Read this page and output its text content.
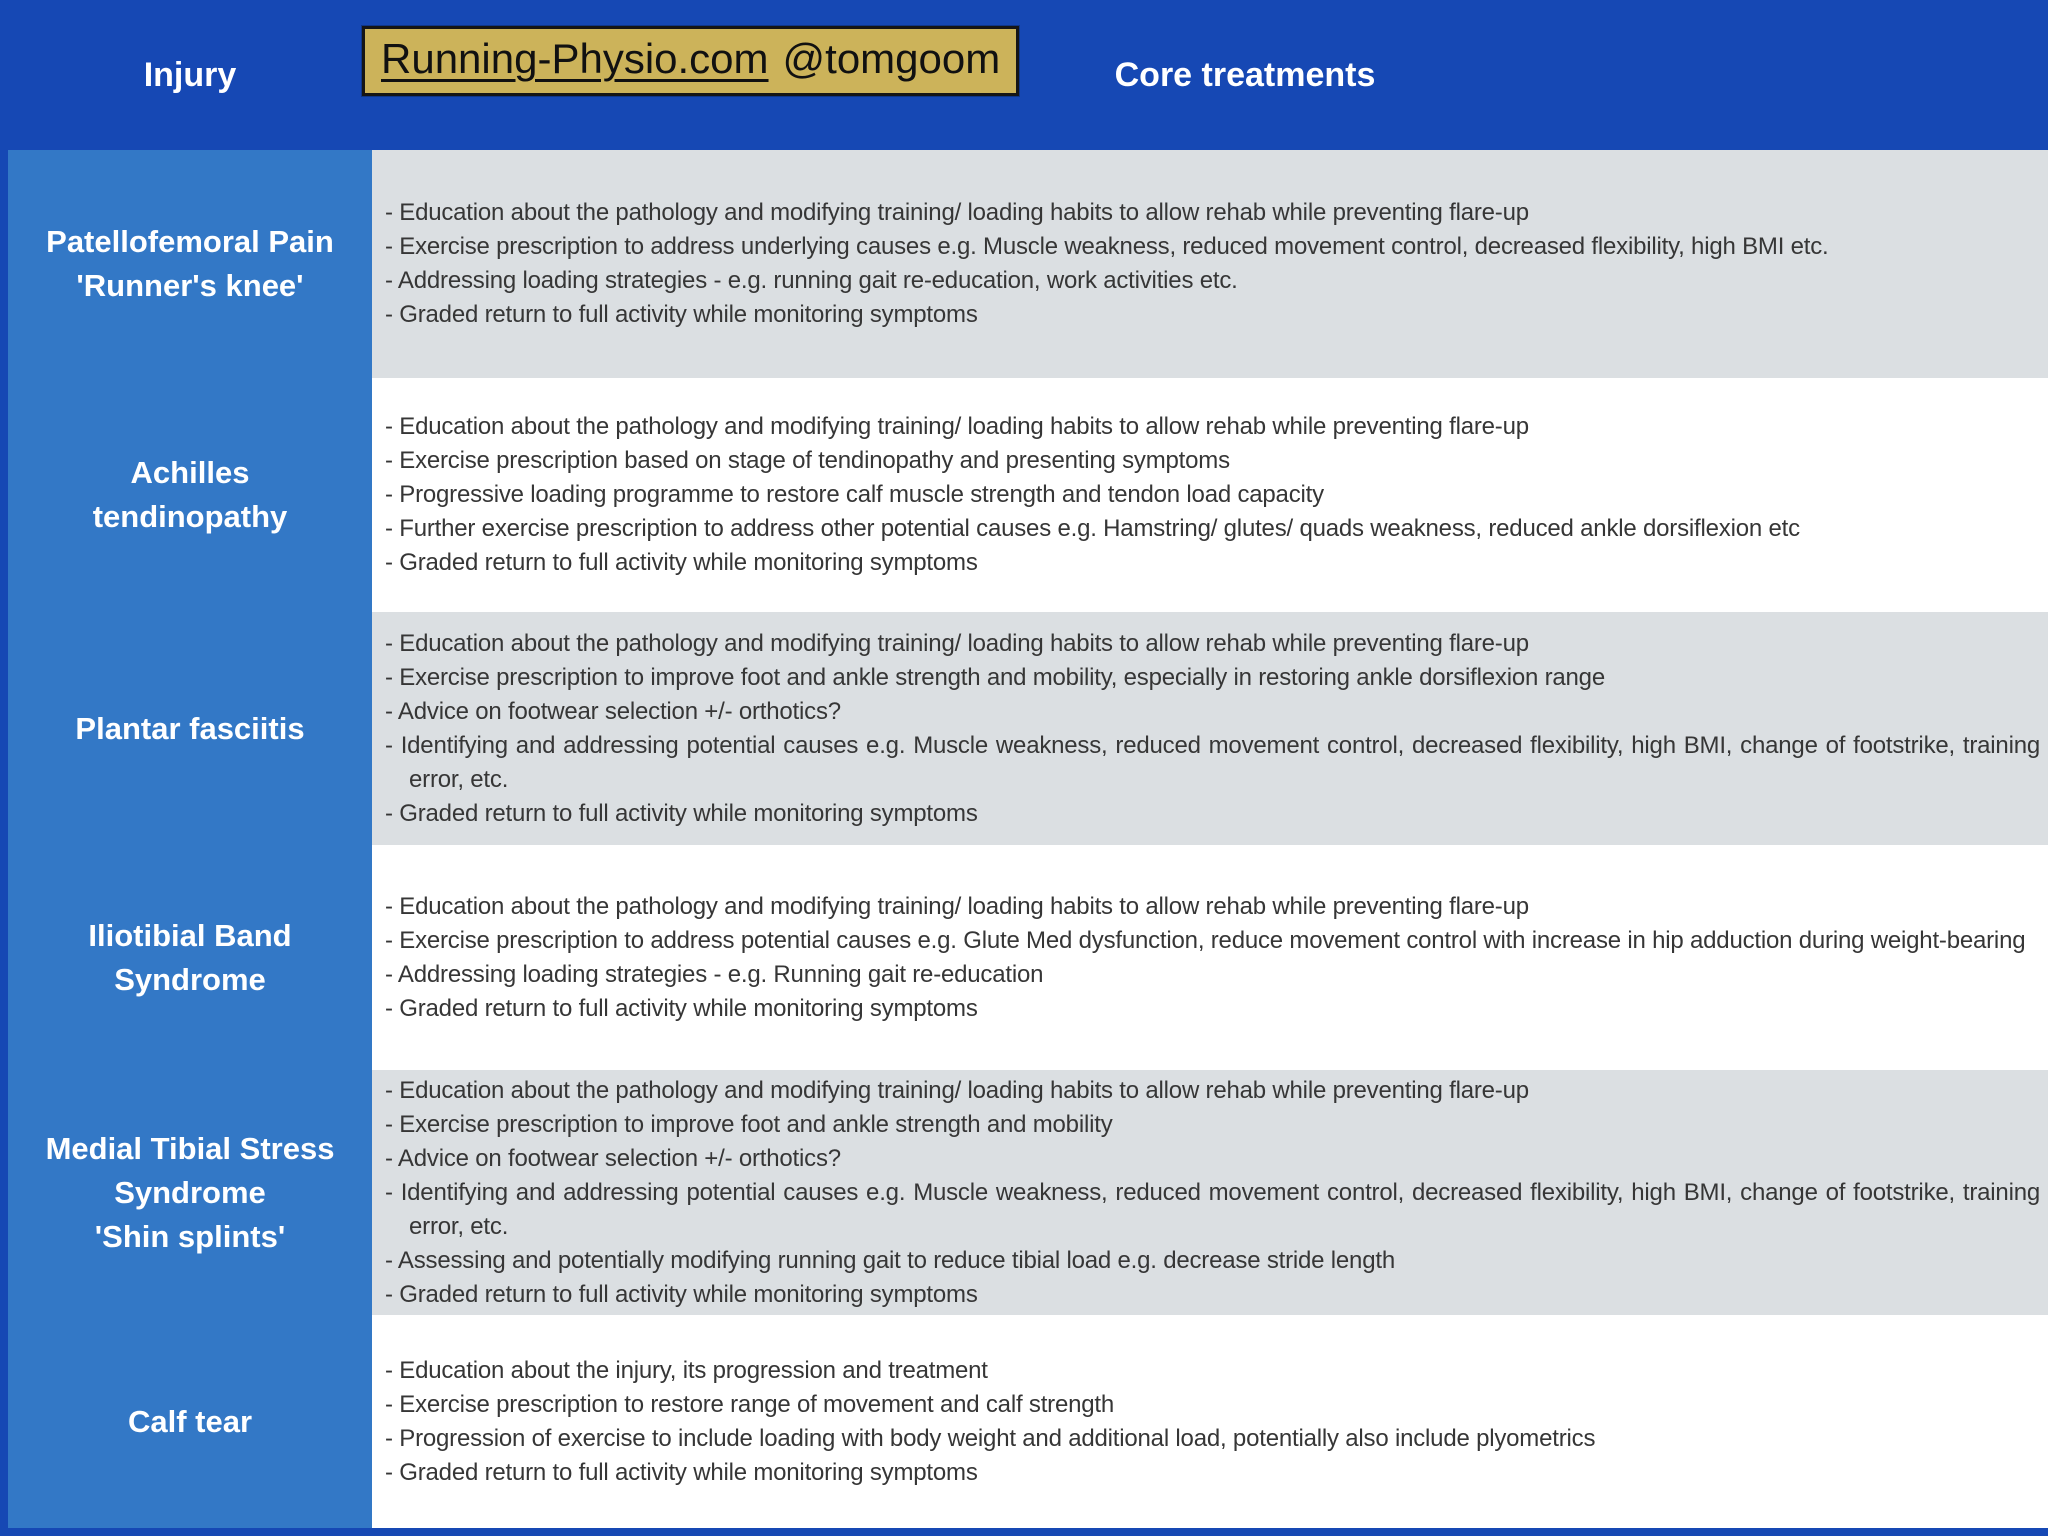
Injury	Running-Physio.com @tomgoom	Core treatments
Patellofemoral Pain
'Runner's knee'
- Education about the pathology and modifying training/ loading habits to allow rehab while preventing flare-up
- Exercise prescription to address underlying causes e.g. Muscle weakness, reduced movement control, decreased flexibility, high BMI etc.
- Addressing loading strategies - e.g. running gait re-education, work activities etc.
- Graded return to full activity while monitoring symptoms
Achilles
tendinopathy
- Education about the pathology and modifying training/ loading habits to allow rehab while preventing flare-up
- Exercise prescription based on stage of tendinopathy and presenting symptoms
- Progressive loading programme to restore calf muscle strength and tendon load capacity
- Further exercise prescription to address other potential causes e.g. Hamstring/ glutes/ quads weakness, reduced ankle dorsiflexion etc
- Graded return to full activity while monitoring symptoms
Plantar fasciitis
- Education about the pathology and modifying training/ loading habits to allow rehab while preventing flare-up
- Exercise prescription to improve foot and ankle strength and mobility, especially in restoring ankle dorsiflexion range
- Advice on footwear selection +/- orthotics?
- Identifying and addressing potential causes e.g. Muscle weakness, reduced movement control, decreased flexibility, high BMI, change of footstrike, training error, etc.
- Graded return to full activity while monitoring symptoms
Iliotibial Band
Syndrome
- Education about the pathology and modifying training/ loading habits to allow rehab while preventing flare-up
- Exercise prescription to address potential causes e.g. Glute Med dysfunction, reduce movement control with increase in hip adduction during weight-bearing
- Addressing loading strategies - e.g. Running gait re-education
- Graded return to full activity while monitoring symptoms
Medial Tibial Stress
Syndrome
'Shin splints'
- Education about the pathology and modifying training/ loading habits to allow rehab while preventing flare-up
- Exercise prescription to improve foot and ankle strength and mobility
- Advice on footwear selection +/- orthotics?
- Identifying and addressing potential causes e.g. Muscle weakness, reduced movement control, decreased flexibility, high BMI, change of footstrike, training error, etc.
- Assessing and potentially modifying running gait to reduce tibial load e.g. decrease stride length
- Graded return to full activity while monitoring symptoms
Calf tear
- Education about the injury, its progression and treatment
- Exercise prescription to restore range of movement and calf strength
- Progression of exercise to include loading with body weight and additional load, potentially also include plyometrics
- Graded return to full activity while monitoring symptoms
